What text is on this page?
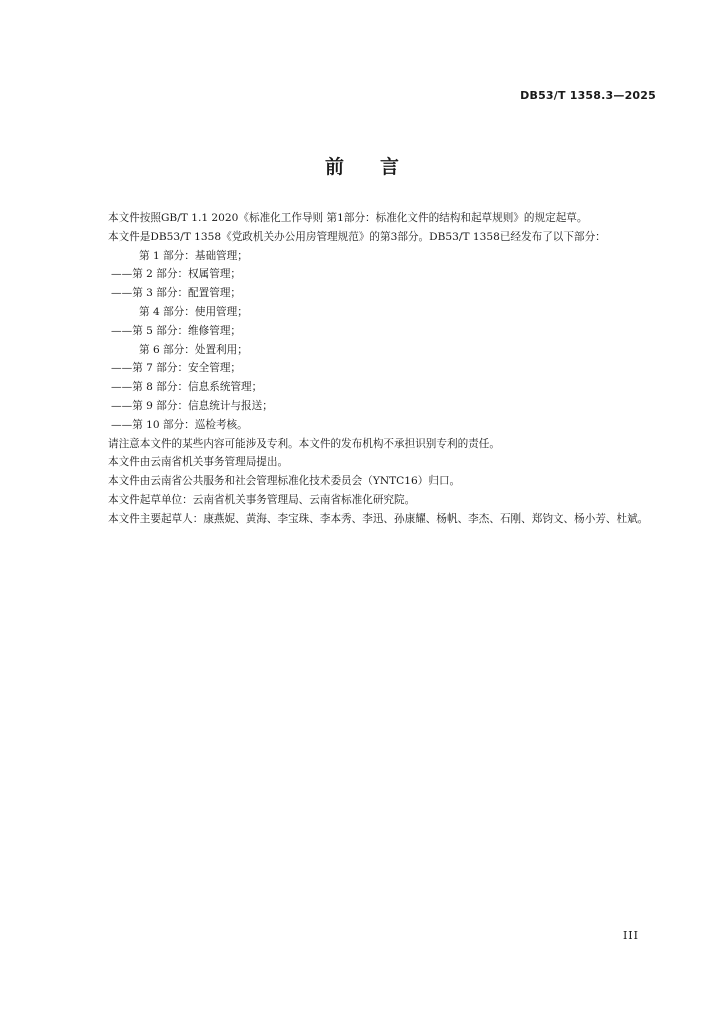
DB53/T 1358.3—2025
前言

本文件按照GB/T 1.1 2020《标准化工作导则 第1部分：标准化文件的结构和起草规则》的规定起草。

本文件是DB53/T 1358《党政机关办公用房管理规范》的第3部分。DB53/T 1358已经发布了以下部分：

第 1 部分：基础管理；

——第 2 部分：权属管理；

——第 3 部分：配置管理；

第 4 部分：使用管理；

——第 5 部分：维修管理；

第 6 部分：处置利用；

——第 7 部分：安全管理；

——第 8 部分：信息系统管理；

——第 9 部分：信息统计与报送；

——第 10 部分：巡检考核。

请注意本文件的某些内容可能涉及专利。本文件的发布机构不承担识别专利的责任。

本文件由云南省机关事务管理局提出。

本文件由云南省公共服务和社会管理标准化技术委员会（YNTC16）归口。

本文件起草单位：云南省机关事务管理局、云南省标准化研究院。

本文件主要起草人：康燕妮、黄海、李宝珠、李本秀、李迅、孙康耀、杨帆、李杰、石刚、郑钧文、杨小芳、杜斌。

III
